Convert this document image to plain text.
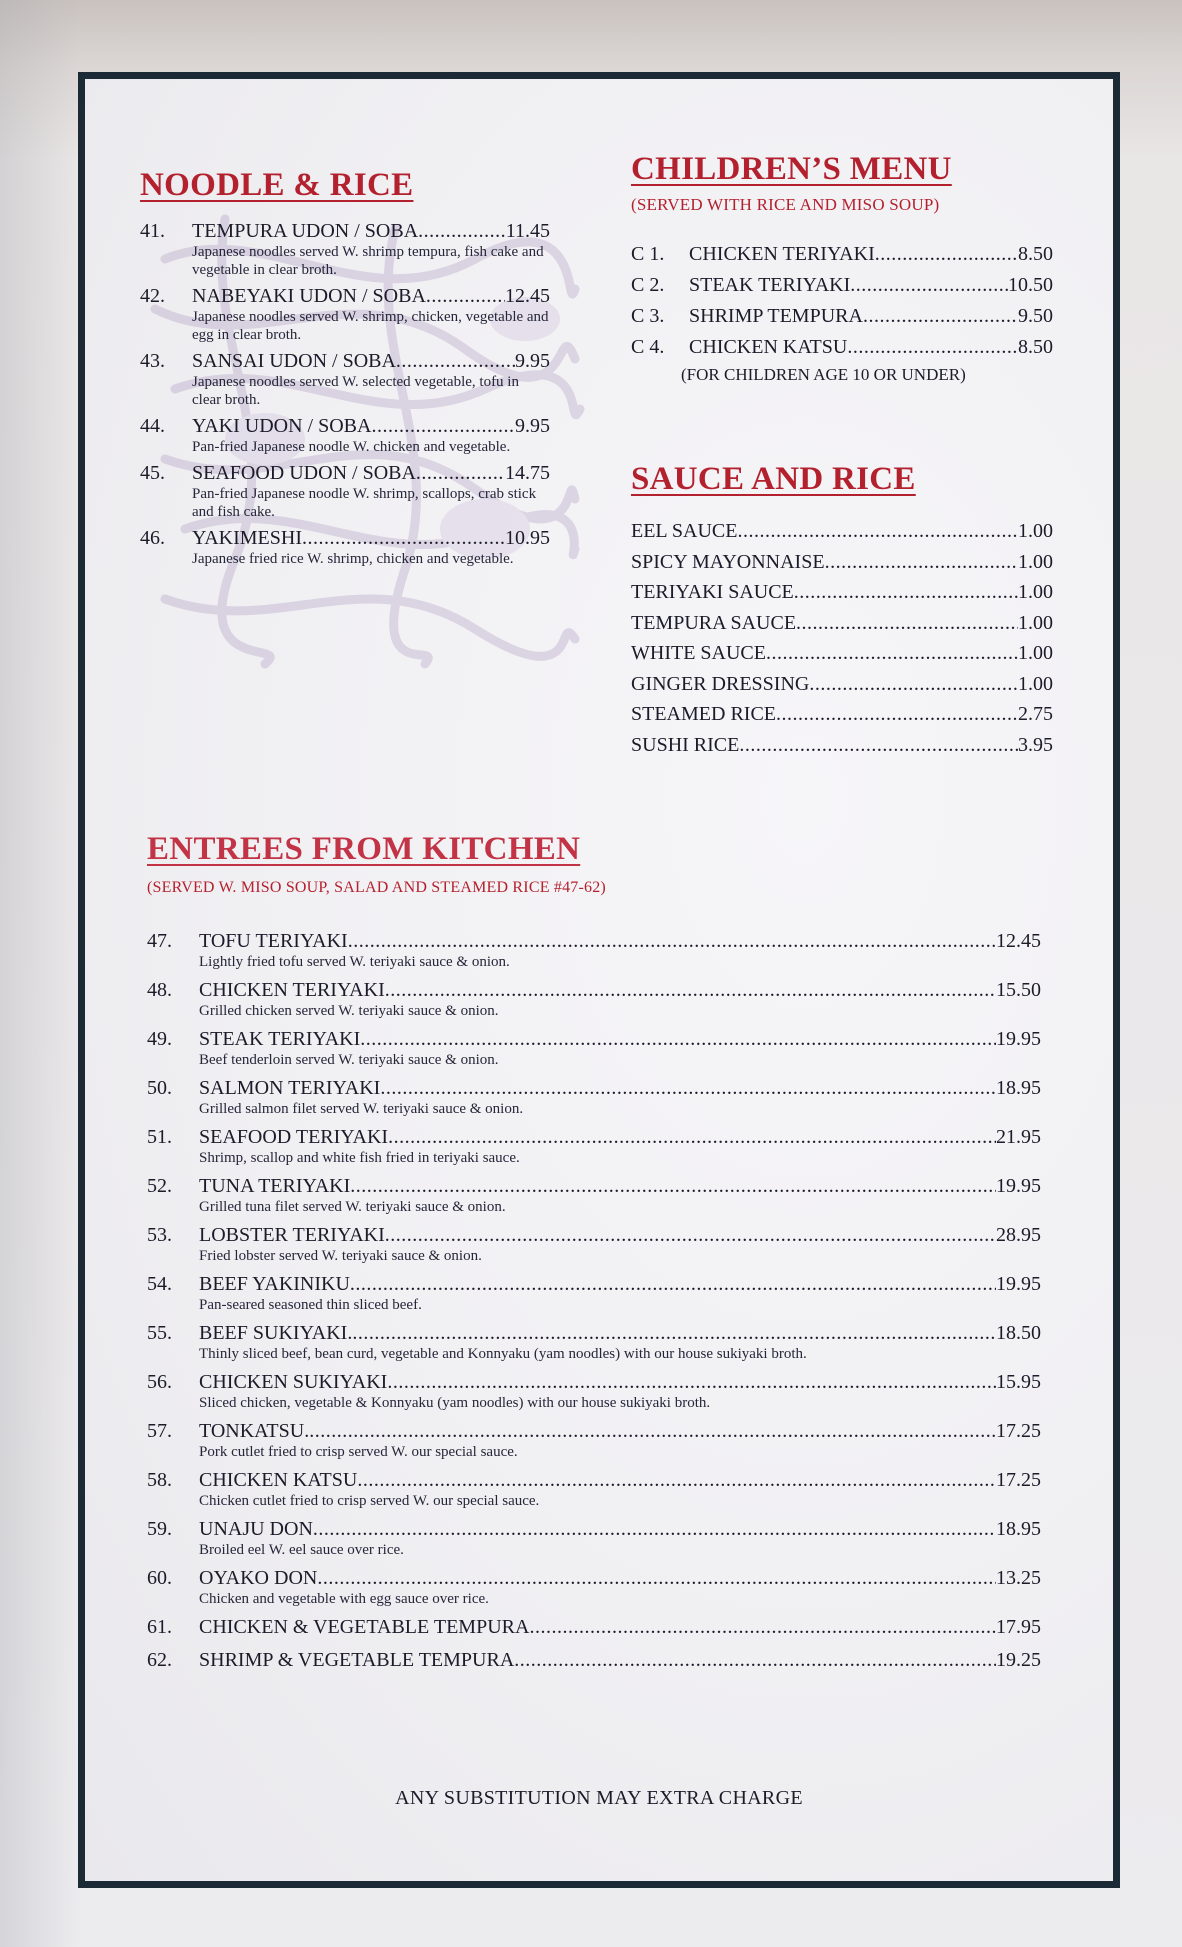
NOODLE & RICE
41.	TEMPURA UDON / SOBA .....	11.45
Japanese noodles served W. shrimp tempura, fish cake and vegetable in clear broth.
42.	NABEYAKI UDON / SOBA .....	12.45
Japanese noodles served W. shrimp, chicken, vegetable and egg in clear broth.
43.	SANSAI UDON / SOBA .....	9.95
Japanese noodles served W. selected vegetable, tofu in clear broth.
44.	YAKI UDON / SOBA .....	9.95
Pan-fried Japanese noodle W. chicken and vegetable.
45.	SEAFOOD UDON / SOBA .....	14.75
Pan-fried Japanese noodle W. shrimp, scallops, crab stick and fish cake.
46.	YAKIMESHI .....	10.95
Japanese fried rice W. shrimp, chicken and vegetable.
CHILDREN’S MENU
(SERVED WITH RICE AND MISO SOUP)
C 1.	CHICKEN TERIYAKI .....	8.50
C 2.	STEAK TERIYAKI .....	10.50
C 3.	SHRIMP TEMPURA .....	9.50
C 4.	CHICKEN KATSU .....	8.50
(FOR CHILDREN AGE 10 OR UNDER)
SAUCE AND RICE
EEL SAUCE .....	1.00
SPICY MAYONNAISE .....	1.00
TERIYAKI SAUCE .....	1.00
TEMPURA SAUCE .....	1.00
WHITE SAUCE .....	1.00
GINGER DRESSING .....	1.00
STEAMED RICE .....	2.75
SUSHI RICE .....	3.95
ENTREES FROM KITCHEN
(SERVED W. MISO SOUP, SALAD AND STEAMED RICE #47-62)
47.	TOFU TERIYAKI .....	12.45
Lightly fried tofu served W. teriyaki sauce & onion.
48.	CHICKEN TERIYAKI .....	15.50
Grilled chicken served W. teriyaki sauce & onion.
49.	STEAK TERIYAKI .....	19.95
Beef tenderloin served W. teriyaki sauce & onion.
50.	SALMON TERIYAKI .....	18.95
Grilled salmon filet served W. teriyaki sauce & onion.
51.	SEAFOOD TERIYAKI .....	21.95
Shrimp, scallop and white fish fried in teriyaki sauce.
52.	TUNA TERIYAKI .....	19.95
Grilled tuna filet served W. teriyaki sauce & onion.
53.	LOBSTER TERIYAKI .....	28.95
Fried lobster served W. teriyaki sauce & onion.
54.	BEEF YAKINIKU .....	19.95
Pan-seared seasoned thin sliced beef.
55.	BEEF SUKIYAKI. .....	18.50
Thinly sliced beef, bean curd, vegetable and Konnyaku (yam noodles) with our house sukiyaki broth.
56.	CHICKEN SUKIYAKI .....	15.95
Sliced chicken, vegetable & Konnyaku (yam noodles) with our house sukiyaki broth.
57.	TONKATSU. .....	17.25
Pork cutlet fried to crisp served W. our special sauce.
58.	CHICKEN KATSU .....	17.25
Chicken cutlet fried to crisp served W. our special sauce.
59.	UNAJU DON .....	18.95
Broiled eel W. eel sauce over rice.
60.	OYAKO DON .....	13.25
Chicken and vegetable with egg sauce over rice.
61.	CHICKEN & VEGETABLE TEMPURA .....	17.95
62.	SHRIMP & VEGETABLE TEMPURA .....	19.25
ANY SUBSTITUTION MAY EXTRA CHARGE
